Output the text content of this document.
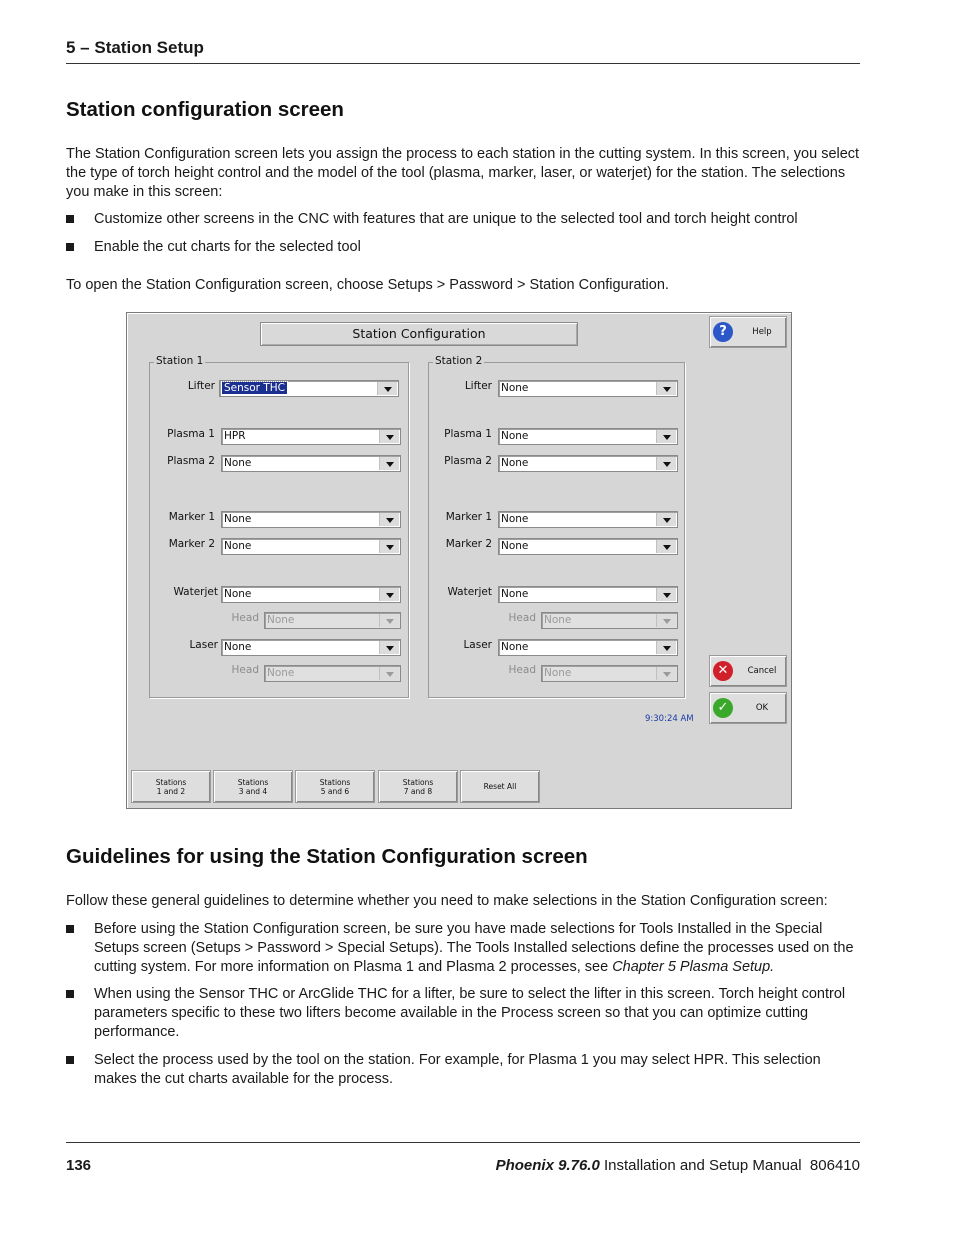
5 – Station Setup
Station configuration screen
The Station Configuration screen lets you assign the process to each station in the cutting system. In this screen, you select the type of torch height control and the model of the tool (plasma, marker, laser, or waterjet) for the station. The selections you make in this screen:
Customize other screens in the CNC with features that are unique to the selected tool and torch height control
Enable the cut charts for the selected tool
To open the Station Configuration screen, choose Setups > Password > Station Configuration.
Station Configuration
Station 1
Lifter Sensor THC
Plasma 1 HPR
Plasma 2 None
Marker 1 None
Marker 2 None
Waterjet None
Head None
Laser None
Head None
Station 2
Lifter None
Plasma 1 None
Plasma 2 None
Marker 1 None
Marker 2 None
Waterjet None
Head None
Laser None
Head None
?	Help
✕	Cancel
✓	OK
9:30:24 AM
Stations
1 and 2
Stations
3 and 4
Stations
5 and 6
Stations
7 and 8	Reset All
Guidelines for using the Station Configuration screen
Follow these general guidelines to determine whether you need to make selections in the Station Configuration screen:
Before using the Station Configuration screen, be sure you have made selections for Tools Installed in the Special Setups screen (Setups > Password > Special Setups). The Tools Installed selections define the processes used on the cutting system. For more information on Plasma 1 and Plasma 2 processes, see Chapter 5 Plasma Setup.
When using the Sensor THC or ArcGlide THC for a lifter, be sure to select the lifter in this screen. Torch height control parameters specific to these two lifters become available in the Process screen so that you can optimize cutting performance.
Select the process used by the tool on the station. For example, for Plasma 1 you may select HPR. This selection makes the cut charts available for the process.
136	Phoenix 9.76.0 Installation and Setup Manual  806410
